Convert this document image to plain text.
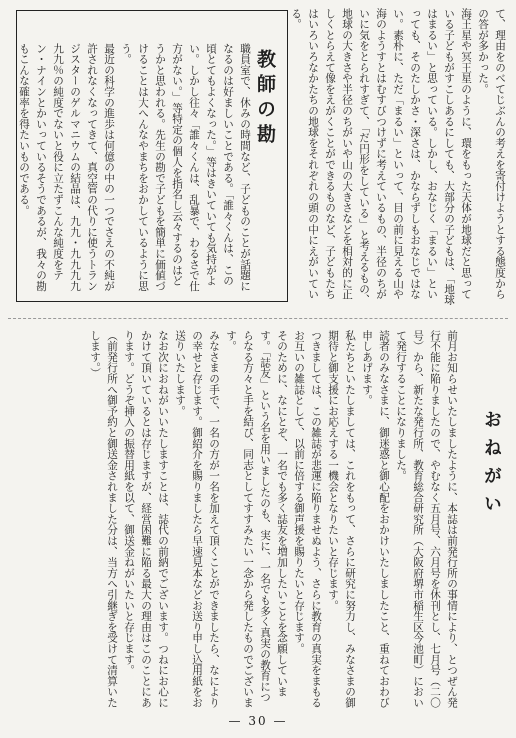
て、理由をのべてじぶんの考えを寄付けようとする態度からの答が多かった。
海王星や冥王星のように、環をもった天体が地球だと思っている子どもがすこしあるにしても、大部分の子どもは、「地球はまるい」と思っている。しかし、おなじく「まるい」といっても、そのたしかさ・深さは、かならずしもおなじではない。素朴に、ただ「まるい」といって、目の前に見える山や海のようすとはむすびつけずに考えているもの、半径のちがいに気をとられすぎて、「だ円形をしている」と考えるもの、地球の大きさや半径のちがいや山の大きさなどを相対的に正しくとらえて像をえがくことができるものなど、子どもたちはいろいろなかたちの地球をそれぞれの頭の中にえがいている。
教師の勘
職員室で、休みの時間など、子どものことが話題になるのは好ましいことである。「誰々くんは、この頃とてもよくなった。」等はきいていても気持がよい。しかし往々「誰々くんは、乱暴で、わるさで仕方がない。」等特定の個人を指名し云々するのはどうかと思われる。先生の勘で子どもを簡単に価値づけることは大へんなやまちをおかしているように思う。
最近の科学の進歩は何億の中の一つでさえの不純が許されなくなってきて、真空管の代りに使うトランジスターのゲルマニウムの結晶は、九九・九九九九九九％の純度でないと役に立たずこんな純度をテン・ナインとかいっているそうであるが、我々の勘もこんな確率を得たいものである。
おねがい
前月お知らせいたしましたように、本誌は前発行所の事情により、とつぜん発行不能に陥りましたので、やむなく五月号、六月号を休刊とし、七月号（二〇号）から、新たな発行所、教育総合研究所（大阪府堺市稲生区今池町）において発行することになりました。
読者のみなさまに、御迷惑と御心配をおかけいたしましたこと、重ねておわび申しあげます。
私たちといたしましては、これをもって、さらに研究に努力し、みなさまの御期待と御支援にお応えする一機会となりたいと存じます。
つきましては、この雑誌が悲運に陥りませぬよう、さらに教育の真実をまもるお互いの雑誌として、以前に倍する御声援を賜りたいと存じます。
そのために、なにとぞ、一名でも多く誌友を増加したいことを念願しています。「誌友」という名を用いましたのも、実に、一名でも多く真実の教育につらなる方々と手を結び、同志としてすすみたい一念から発したものでございます。
みなさまの手で、一名の方が一名を加えて頂くことができましたら、なによりの幸せと存じます。御紹介を賜りましたら早速見本などお送り申し込用紙をお送りいたします。
なお次におねがいいたしますことは、誌代の前納でございます。つねにお心にかけて頂いているとは存じますが、経営困難に陥る最大の理由はこのことにあります。どうぞ挿入の振替用紙を以て、御送金ねがいたいと存じます。
（前発行所へ御予約と御送金されました分は、当方へ引継ぎを受けて清算いたします。）
— 30 —
